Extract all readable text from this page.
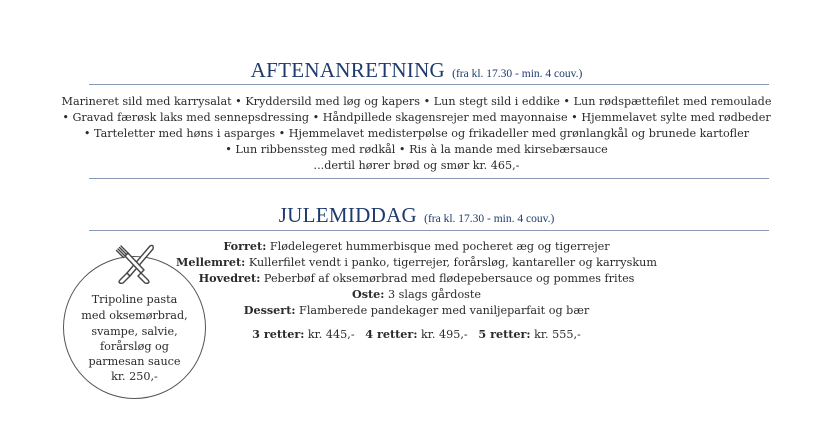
AFTENANRETNING (fra kl. 17.30 - min. 4 couv.)
Marineret sild med karrysalat • Kryddersild med løg og kapers • Lun stegt sild i eddike • Lun rødspættefilet med remoulade
• Gravad færøsk laks med sennepsdressing • Håndpillede skagensrejer med mayonnaise • Hjemmelavet sylte med rødbeder
• Tarteletter med høns i asparges • Hjemmelavet medisterpølse og frikadeller med grønlangkål og brunede kartofler
• Lun ribbenssteg med rødkål • Ris à la mande med kirsebærsauce
...dertil hører brød og smør kr. 465,-
JULEMIDDAG (fra kl. 17.30 - min. 4 couv.)
Forret: Flødelegeret hummerbisque med pocheret æg og tigerrejer
Mellemret: Kullerfilet vendt i panko, tigerrejer, forårsløg, kantareller og karryskum
Hovedret: Peberbøf af oksemørbrad med flødepebersauce og pommes frites
Oste: 3 slags gårdoste
Dessert: Flamberede pandekager med vaniljeparfait og bær
3 retter: kr. 445,- 4 retter: kr. 495,- 5 retter: kr. 555,-
Tripoline pasta
med oksemørbrad,
svampe, salvie,
forårsløg og
parmesan sauce
kr. 250,-
